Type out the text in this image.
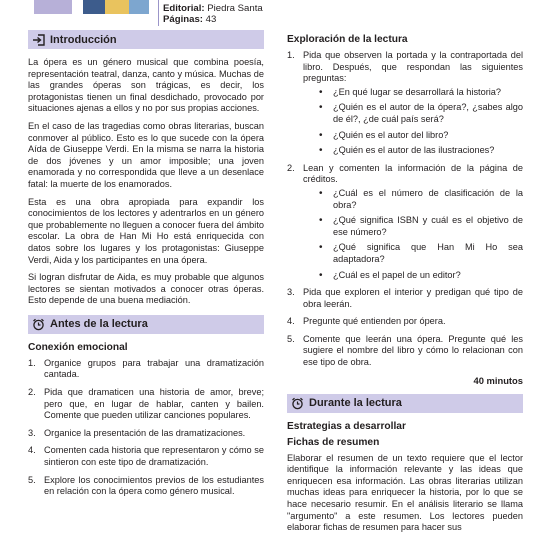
Editorial: Piedra Santa
Páginas: 43
Introducción

La ópera es un género musical que combina poesía, representación teatral, danza, canto y música. Muchas de las grandes óperas son trágicas, es decir, los protagonistas tienen un final desdichado, provocado por situaciones ajenas a ellos y no por sus propias acciones.

En el caso de las tragedias como obras literarias, buscan conmover al público. Esto es lo que sucede con la ópera Aída de Giuseppe Verdi. En la misma se narra la historia de dos jóvenes y un amor imposible; una joven enamorada y no correspondida que lleve a un desenlace fatal: la muerte de los enamorados.

Esta es una obra apropiada para expandir los conocimientos de los lectores y adentrarlos en un género que probablemente no lleguen a conocer fuera del ámbito escolar. La obra de Han Mi Ho está enriquecida con datos sobre los lugares y los protagonistas: Giuseppe Verdi, Aida y los participantes en una ópera.

Si logran disfrutar de Aida, es muy probable que algunos lectores se sientan motivados a conocer otras óperas. Esto depende de una buena mediación.

Antes de la lectura
Conexión emocional
1. Organice grupos para trabajar una dramatización cantada.
2. Pida que dramaticen una historia de amor, breve; pero que, en lugar de hablar, canten y bailen. Comente que pueden utilizar canciones populares.
3. Organice la presentación de las dramatizaciones.
4. Comenten cada historia que representaron y cómo se sintieron con este tipo de dramatización.
5. Explore los conocimientos previos de los estudiantes en relación con la ópera como género musical.
Exploración de la lectura
1. Pida que observen la portada y la contraportada del libro. Después, que respondan las siguientes preguntas:
• ¿En qué lugar se desarrollará la historia?
• ¿Quién es el autor de la ópera?, ¿sabes algo de él?, ¿de cuál país será?
• ¿Quién es el autor del libro?
• ¿Quién es el autor de las ilustraciones?
2. Lean y comenten la información de la página de créditos.
• ¿Cuál es el número de clasificación de la obra?
• ¿Qué significa ISBN y cuál es el objetivo de ese número?
• ¿Qué significa que Han Mi Ho sea adaptadora?
• ¿Cuál es el papel de un editor?
3. Pida que exploren el interior y predigan qué tipo de obra leerán.
4. Pregunte qué entienden por ópera.
5. Comente que leerán una ópera. Pregunte qué les sugiere el nombre del libro y cómo lo relacionan con ese tipo de obra.
40 minutos
Durante la lectura
Estrategias a desarrollar
Fichas de resumen

Elaborar el resumen de un texto requiere que el lector identifique la información relevante y las ideas que enriquecen esa información. Las obras literarias utilizan muchas ideas para enriquecer la historia, por lo que se hace necesario resumir. En el análisis literario se llama "argumento" a este resumen. Los lectores pueden elaborar fichas de resumen para hacer sus
